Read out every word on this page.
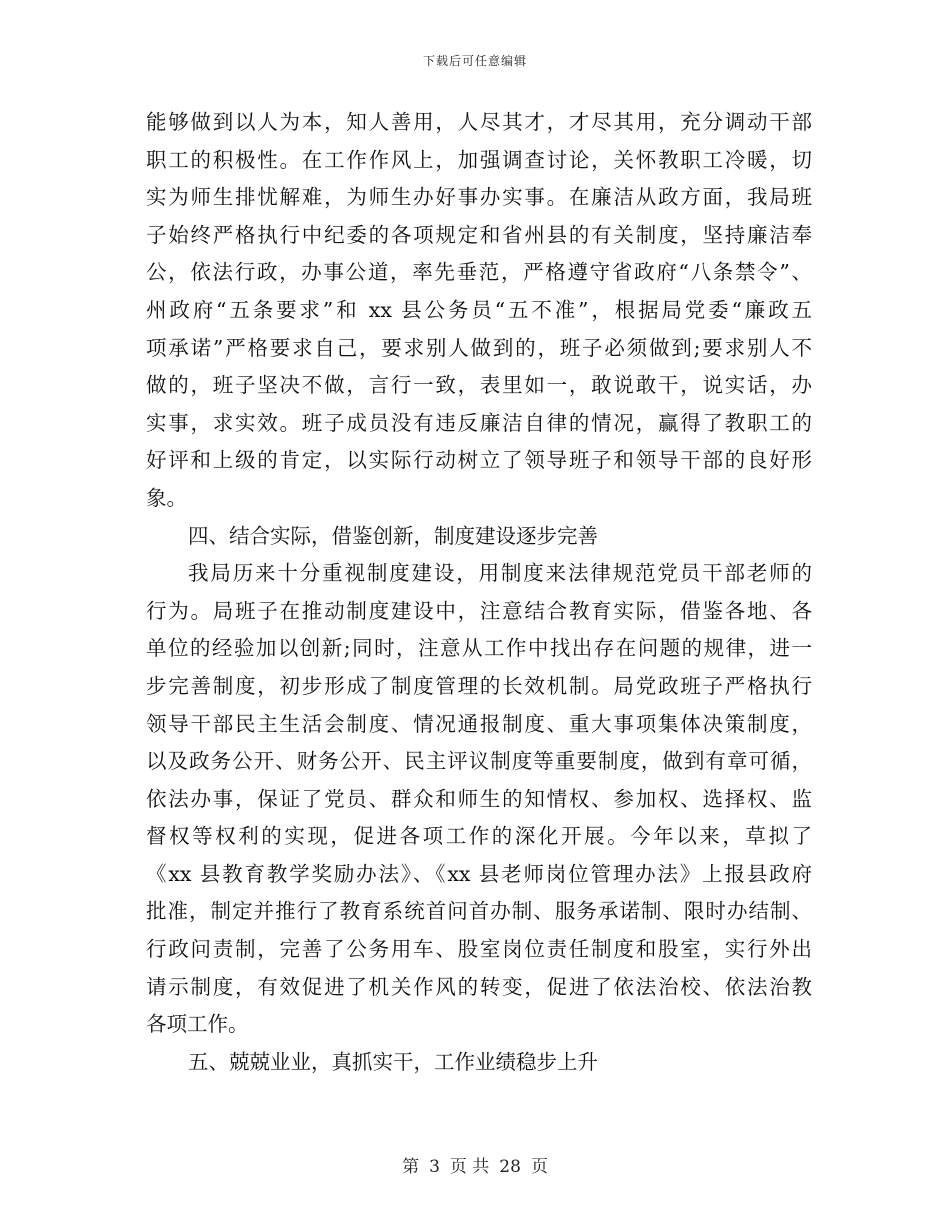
下载后可任意编辑
能够做到以人为本，知人善用，人尽其才，才尽其用，充分调动干部
职工的积极性。在工作作风上，加强调查讨论，关怀教职工冷暖，切
实为师生排忧解难，为师生办好事办实事。在廉洁从政方面，我局班
子始终严格执行中纪委的各项规定和省州县的有关制度，坚持廉洁奉
公，依法行政，办事公道，率先垂范，严格遵守省政府“八条禁令”、
州政府“五条要求”和 xx 县公务员“五不准”，根据局党委“廉政五
项承诺”严格要求自己，要求别人做到的，班子必须做到;要求别人不
做的，班子坚决不做，言行一致，表里如一，敢说敢干，说实话，办
实事，求实效。班子成员没有违反廉洁自律的情况，赢得了教职工的
好评和上级的肯定，以实际行动树立了领导班子和领导干部的良好形
象。
四、结合实际，借鉴创新，制度建设逐步完善
我局历来十分重视制度建设，用制度来法律规范党员干部老师的
行为。局班子在推动制度建设中，注意结合教育实际，借鉴各地、各
单位的经验加以创新;同时，注意从工作中找出存在问题的规律，进一
步完善制度，初步形成了制度管理的长效机制。局党政班子严格执行
领导干部民主生活会制度、情况通报制度、重大事项集体决策制度，
以及政务公开、财务公开、民主评议制度等重要制度，做到有章可循，
依法办事，保证了党员、群众和师生的知情权、参加权、选择权、监
督权等权利的实现，促进各项工作的深化开展。今年以来，草拟了
《xx 县教育教学奖励办法》、《xx 县老师岗位管理办法》上报县政府
批准，制定并推行了教育系统首问首办制、服务承诺制、限时办结制、
行政问责制，完善了公务用车、股室岗位责任制度和股室，实行外出
请示制度，有效促进了机关作风的转变，促进了依法治校、依法治教
各项工作。
五、兢兢业业，真抓实干，工作业绩稳步上升
第 3 页 共 28 页
